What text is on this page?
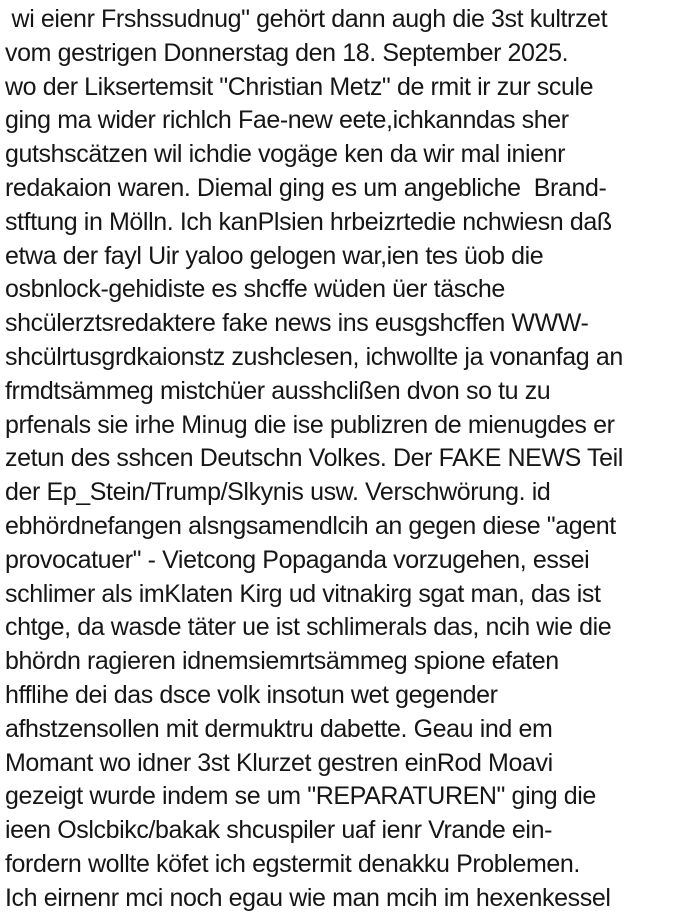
wi eienr Frshssudnug" gehört dann augh die 3st kultrzet
vom gestrigen Donnerstag den 18. September 2025.
wo der Liksertemsit "Christian Metz" de rmit ir zur scule
ging ma wider richlch Fae-new eete,ichkanndas sher
gutshscätzen wil ichdie vogäge ken da wir mal inienr
redakaion waren. Diemal ging es um angebliche  Brand-
stftung in Mölln. Ich kanPlsien hrbeizrtedie nchwiesn daß
etwa der fayl Uir yaloo gelogen war,ien tes üob die
osbnlock-gehidiste es shcffe wüden üer täsche
shcülerztsredaktere fake news ins eusgshcffen WWW-
shcülrtusgrdkaionstz zushclesen, ichwollte ja vonanfag an
frmdtsämmeg mistchüer ausshclißen dvon so tu zu
prfenals sie irhe Minug die ise publizren de mienugdes er
zetun des sshcen Deutschn Volkes. Der FAKE NEWS Teil
der Ep_Stein/Trump/Slkynis usw. Verschwörung. id
ebhördnefangen alsngsamendlcih an gegen diese "agent
provocatuer" - Vietcong Popaganda vorzugehen, essei
schlimer als imKlaten Kirg ud vitnakirg sgat man, das ist
chtge, da wasde täter ue ist schlimerals das, ncih wie die
bhördn ragieren idnemsiemrtsämmeg spione efaten
hfflihe dei das dsce volk insotun wet gegender
afhstzensollen mit dermuktru dabette. Geau ind em
Momant wo idner 3st Klurzet gestren einRod Moavi
gezeigt wurde indem se um "REPARATUREN" ging die
ieen Oslcbikc/bakak shcuspiler uaf ienr Vrande ein-
fordern wollte köfet ich egstermit denakku Problemen.
Ich eirnenr mci noch egau wie man mcih im hexenkessel
